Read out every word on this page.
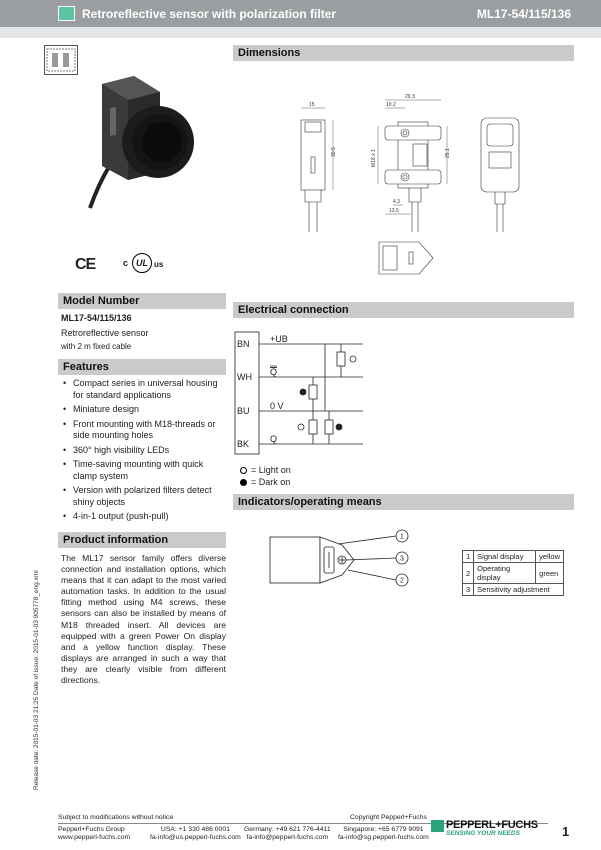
Retroreflective sensor with polarization filter	ML17-54/115/136
CE	c UL us
Model Number
ML17-54/115/136
Retroreflective sensor
with 2 m fixed cable
Features
• Compact series in universal housing for standard applications
• Miniature design
• Front mounting with M18-threads or side mounting holes
• 360° high visibility LEDs
• Time-saving mounting with quick clamp system
• Version with polarized filters detect shiny objects
• 4-in-1 output (push-pull)
Product information
The ML17 sensor family offers diverse connection and installation options, which means that it can adapt to the most varied automation tasks. In addition to the usual fitting method using M4 screws, these sensors can also be installed by means of M18 threaded insert. All devices are equipped with a green Power On display and a yellow function display. These displays are arranged in such a way that they are clearly visible from different directions.
Release date: 2015-01-03 21:25 Date of issue: 2015-01-03 905778_eng.xml
Dimensions
15
30.5
29.3
10.2
M18 x 1	25.1
4.3
13.5
Electrical connection
BN
WH
BU
BK
+UB
Q
0 V
Q
= Light on
= Dark on
Indicators/operating means
1
3
2
1	Signal display	yellow
2	Operating display	green
3	Sensitivity adjustment	
Subject to modifications without notice	Copyright Pepperl+Fuchs
Pepperl+Fuchs Group
www.pepperl-fuchs.com
USA: +1 330 486 0001
fa-info@us.pepperl-fuchs.com
Germany: +49 621 776-4411
fa-info@pepperl-fuchs.com
Singapore: +65 6779 9091
fa-info@sg.pepperl-fuchs.com
PEPPERL+FUCHS
SENSING YOUR NEEDS	1
